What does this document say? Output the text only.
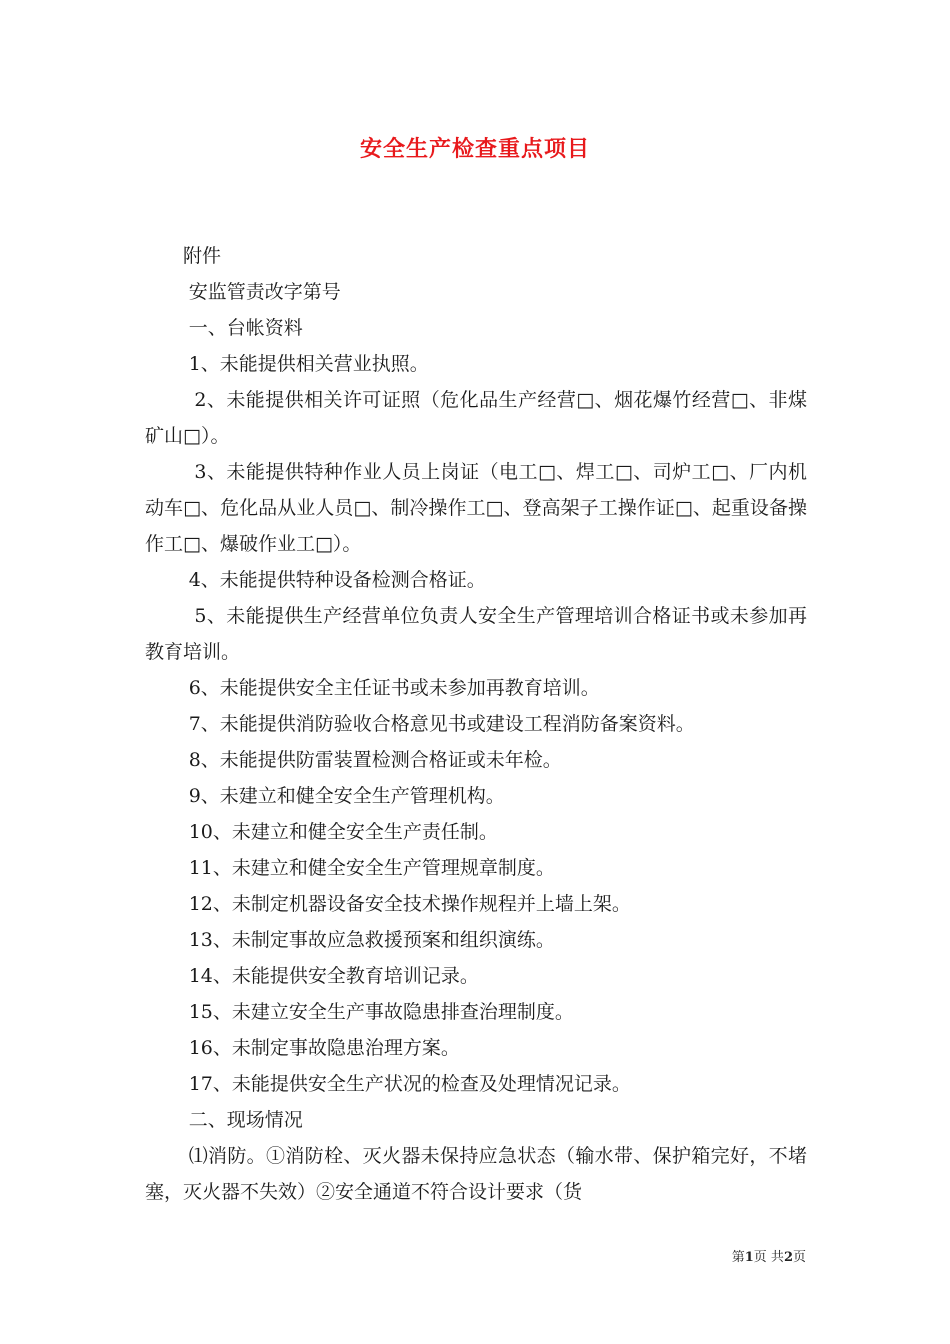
安全生产检查重点项目

附件

安监管责改字第号

一、台帐资料

1、未能提供相关营业执照。

2、未能提供相关许可证照（危化品生产经营□、烟花爆竹经营□、非煤矿山□）。

3、未能提供特种作业人员上岗证（电工□、焊工□、司炉工□、厂内机动车□、危化品从业人员□、制冷操作工□、登高架子工操作证□、起重设备操作工□、爆破作业工□）。

4、未能提供特种设备检测合格证。

5、未能提供生产经营单位负责人安全生产管理培训合格证书或未参加再教育培训。

6、未能提供安全主任证书或未参加再教育培训。

7、未能提供消防验收合格意见书或建设工程消防备案资料。

8、未能提供防雷装置检测合格证或未年检。

9、未建立和健全安全生产管理机构。

10、未建立和健全安全生产责任制。

11、未建立和健全安全生产管理规章制度。

12、未制定机器设备安全技术操作规程并上墙上架。

13、未制定事故应急救援预案和组织演练。

14、未能提供安全教育培训记录。

15、未建立安全生产事故隐患排查治理制度。

16、未制定事故隐患治理方案。

17、未能提供安全生产状况的检查及处理情况记录。

二、现场情况

⑴消防。①消防栓、灭火器未保持应急状态（输水带、保护箱完好，不堵塞，灭火器不失效）②安全通道不符合设计要求（货

第1页 共2页
